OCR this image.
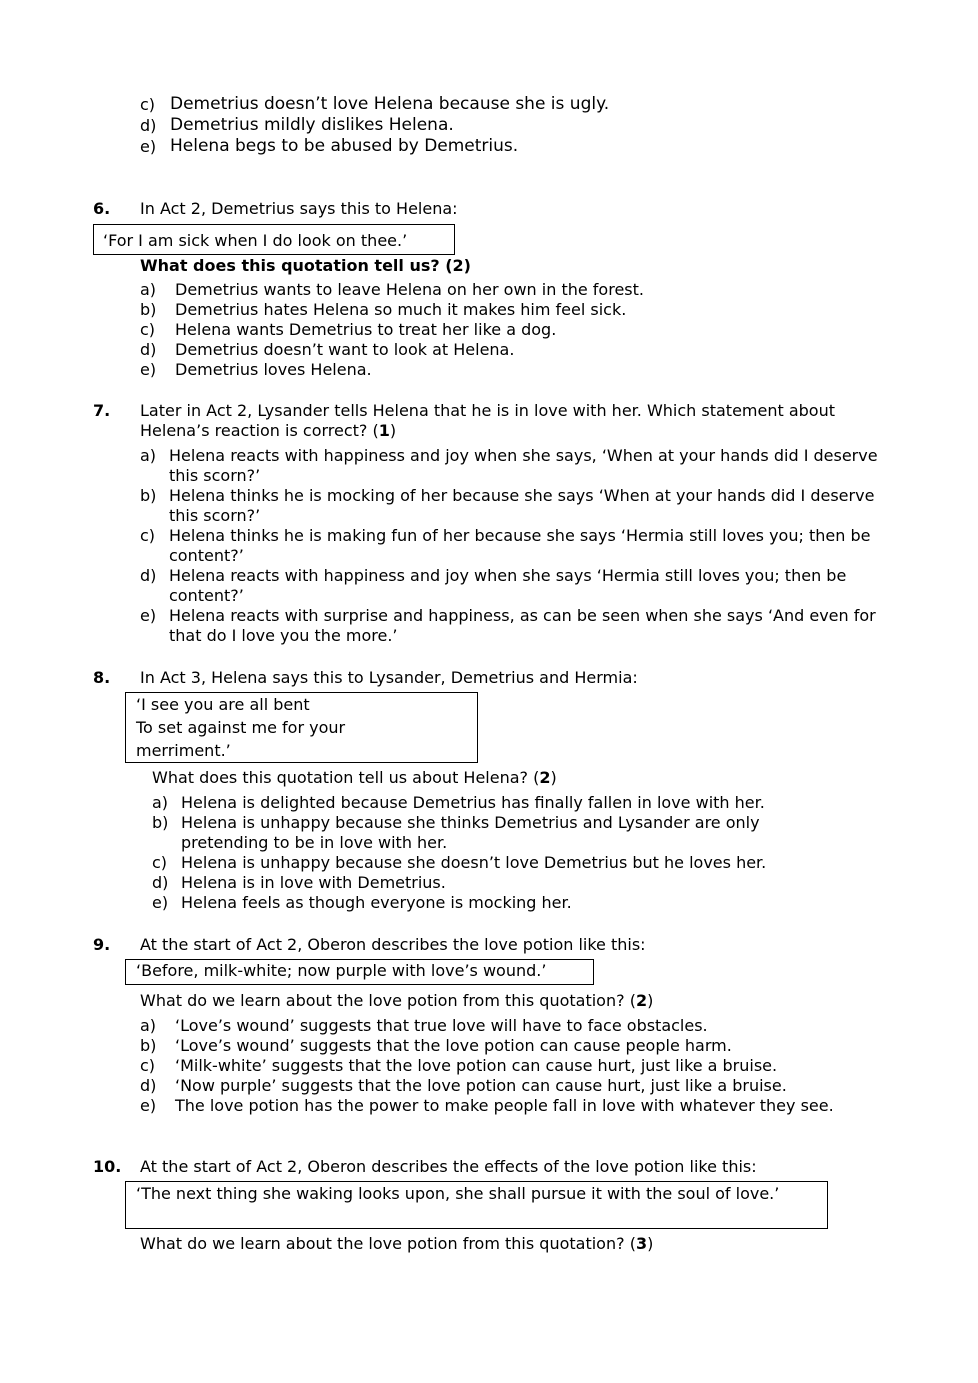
c) Demetrius doesn’t love Helena because she is ugly.
d) Demetrius mildly dislikes Helena.
e) Helena begs to be abused by Demetrius.
6. In Act 2, Demetrius says this to Helena:
‘For I am sick when I do look on thee.’
What does this quotation tell us? (2)
a)	Demetrius wants to leave Helena on her own in the forest.
b)	Demetrius hates Helena so much it makes him feel sick.
c)	Helena wants Demetrius to treat her like a dog.
d)	Demetrius doesn’t want to look at Helena.
e)	Demetrius loves Helena.
7. Later in Act 2, Lysander tells Helena that he is in love with her. Which statement about Helena’s reaction is correct? (1)
a) Helena reacts with happiness and joy when she says, ‘When at your hands did I deserve this scorn?’
b) Helena thinks he is mocking of her because she says ‘When at your hands did I deserve this scorn?’
c) Helena thinks he is making fun of her because she says ‘Hermia still loves you; then be content?’
d) Helena reacts with happiness and joy when she says ‘Hermia still loves you; then be content?’
e) Helena reacts with surprise and happiness, as can be seen when she says ‘And even for that do I love you the more.’
8. In Act 3, Helena says this to Lysander, Demetrius and Hermia:
‘I see you are all bent
To set against me for your
merriment.’
What does this quotation tell us about Helena? (2)
a) Helena is delighted because Demetrius has finally fallen in love with her.
b) Helena is unhappy because she thinks Demetrius and Lysander are only pretending to be in love with her.
c) Helena is unhappy because she doesn’t love Demetrius but he loves her.
d) Helena is in love with Demetrius.
e) Helena feels as though everyone is mocking her.
9. At the start of Act 2, Oberon describes the love potion like this:
‘Before, milk-white; now purple with love’s wound.’
What do we learn about the love potion from this quotation? (2)
a)	‘Love’s wound’ suggests that true love will have to face obstacles.
b)	‘Love’s wound’ suggests that the love potion can cause people harm.
c)	‘Milk-white’ suggests that the love potion can cause hurt, just like a bruise.
d)	‘Now purple’ suggests that the love potion can cause hurt, just like a bruise.
e)	The love potion has the power to make people fall in love with whatever they see.
10. At the start of Act 2, Oberon describes the effects of the love potion like this:
‘The next thing she waking looks upon, she shall pursue it with the soul of love.’
What do we learn about the love potion from this quotation? (3)
